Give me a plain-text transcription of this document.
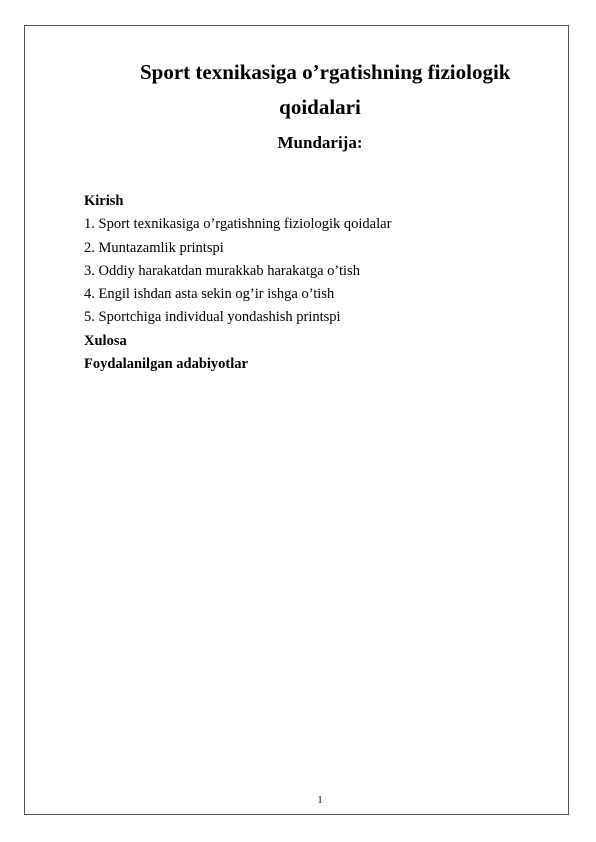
Sport texnikasiga o’rgatishning fiziologik
qoidalari
Mundarija:
Kirish
1. Sport texnikasiga o’rgatishning fiziologik qoidalar
2. Muntazamlik printspi
3. Oddiy harakatdan murakkab harakatga o’tish
4. Engil ishdan asta sekin og’ir ishga o’tish
5. Sportchiga individual yondashish printspi
Xulosa
Foydalanilgan adabiyotlar
1
